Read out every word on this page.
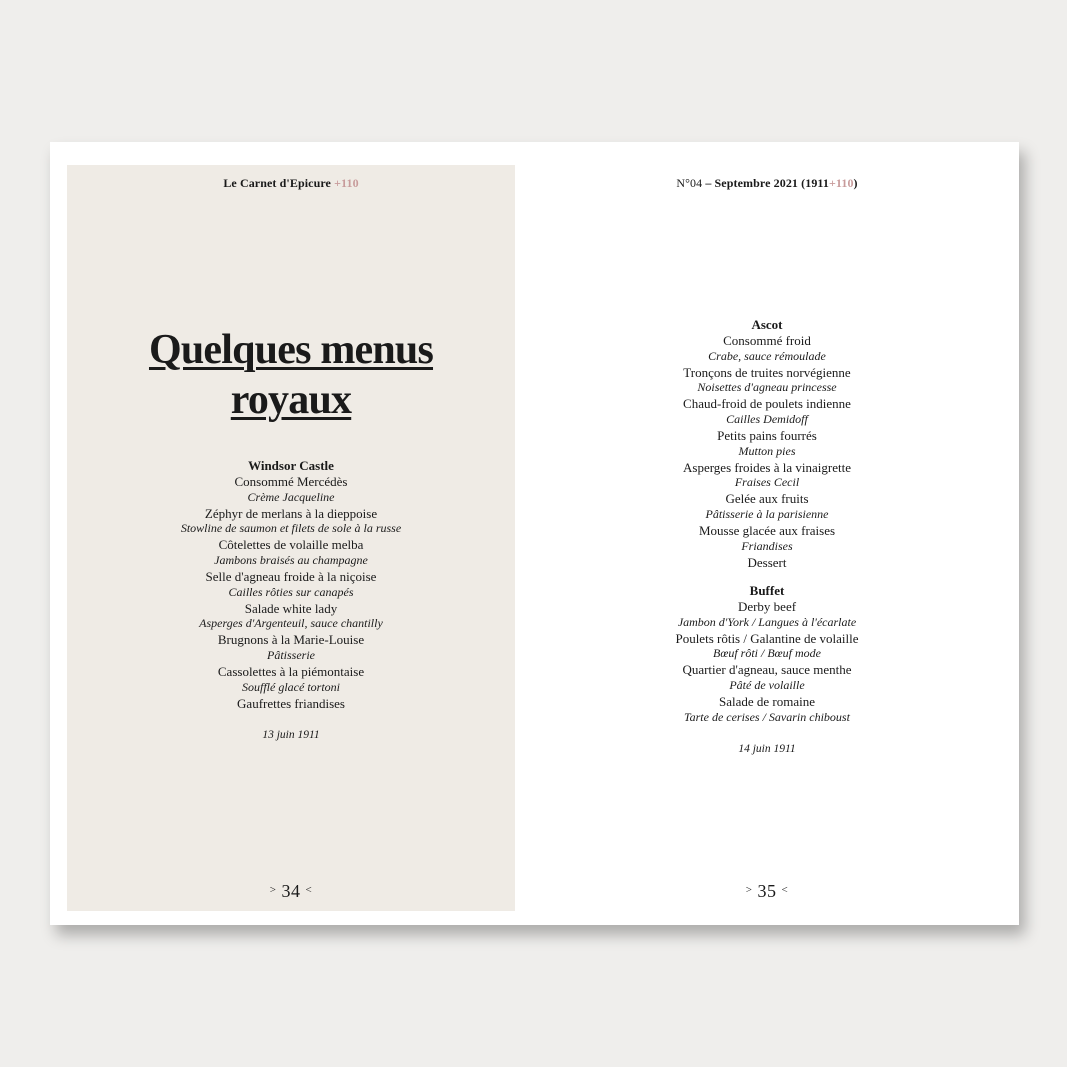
Le Carnet d'Epicure +110
Quelques menus
royaux
Windsor Castle
Consommé Mercédès
Crème Jacqueline
Zéphyr de merlans à la dieppoise
Stowline de saumon et filets de sole à la russe
Côtelettes de volaille melba
Jambons braisés au champagne
Selle d'agneau froide à la niçoise
Cailles rôties sur canapés
Salade white lady
Asperges d'Argenteuil, sauce chantilly
Brugnons à la Marie-Louise
Pâtisserie
Cassolettes à la piémontaise
Soufflé glacé tortoni
Gaufrettes friandises
13 juin 1911
> 34 <
N°04 – Septembre 2021 (1911+110)
Ascot
Consommé froid
Crabe, sauce rémoulade
Tronçons de truites norvégienne
Noisettes d'agneau princesse
Chaud-froid de poulets indienne
Cailles Demidoff
Petits pains fourrés
Mutton pies
Asperges froides à la vinaigrette
Fraises Cecil
Gelée aux fruits
Pâtisserie à la parisienne
Mousse glacée aux fraises
Friandises
Dessert
Buffet
Derby beef
Jambon d'York / Langues à l'écarlate
Poulets rôtis / Galantine de volaille
Bœuf rôti / Bœuf mode
Quartier d'agneau, sauce menthe
Pâté de volaille
Salade de romaine
Tarte de cerises / Savarin chiboust
14 juin 1911
> 35 <
